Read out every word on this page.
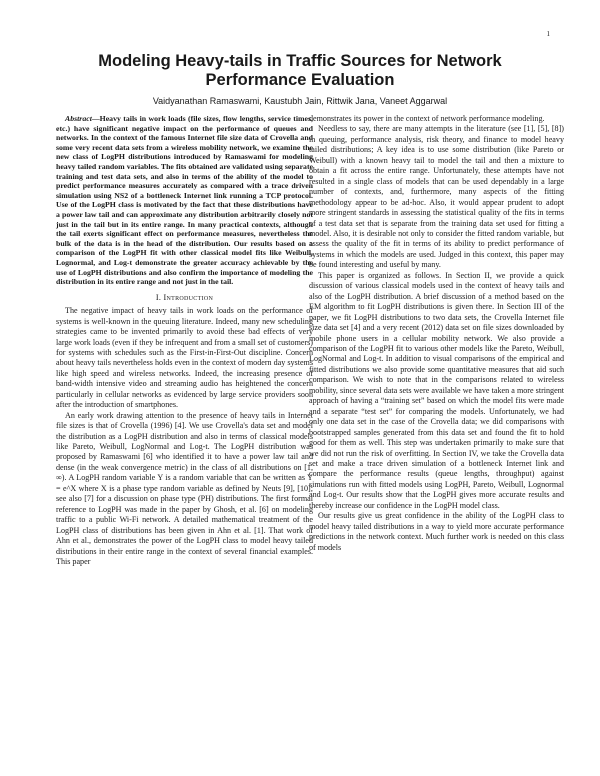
1
Modeling Heavy-tails in Traffic Sources for Network Performance Evaluation
Vaidyanathan Ramaswami, Kaustubh Jain, Rittwik Jana, Vaneet Aggarwal

Abstract—Heavy tails in work loads (file sizes, flow lengths, service times, etc.) have significant negative impact on the performance of queues and networks. In the context of the famous Internet file size data of Crovella and some very recent data sets from a wireless mobility network, we examine the new class of LogPH distributions introduced by Ramaswami for modeling heavy tailed random variables. The fits obtained are validated using separate training and test data sets, and also in terms of the ability of the model to predict performance measures accurately as compared with a trace driven simulation using NS2 of a bottleneck Internet link running a TCP protocol. Use of the LogPH class is motivated by the fact that these distributions have a power law tail and can approximate any distribution arbitrarily closely not just in the tail but in its entire range. In many practical contexts, although the tail exerts significant effect on performance measures, nevertheless the bulk of the data is in the head of the distribution. Our results based on a comparison of the LogPH fit with other classical model fits like Weibull, Lognormal, and Log-t demonstrate the greater accuracy achievable by the use of LogPH distributions and also confirm the importance of modeling the distribution in its entire range and not just in the tail.

I. Introduction

The negative impact of heavy tails in work loads on the performance of systems is well-known in the queuing literature. Indeed, many new scheduling strategies came to be invented primarily to avoid these bad effects of very large work loads (even if they be infrequent and from a small set of customers) for systems with schedules such as the First-in-First-Out discipline. Concern about heavy tails nevertheless holds even in the context of modern day systems like high speed and wireless networks. Indeed, the increasing presence of band-width intensive video and streaming audio has heightened the concern particularly in cellular networks as evidenced by large service providers soon after the introduction of smartphones.

An early work drawing attention to the presence of heavy tails in Internet file sizes is that of Crovella (1996) [4]. We use Crovella's data set and model the distribution as a LogPH distribution and also in terms of classical models like Pareto, Weibull, LogNormal and Log-t. The LogPH distribution was proposed by Ramaswami [6] who identified it to have a power law tail and dense (in the weak convergence metric) in the class of all distributions on [1, ∞). A LogPH random variable Y is a random variable that can be written as Y = e^X where X is a phase type random variable as defined by Neuts [9], [10]; see also [7] for a discussion on phase type (PH) distributions. The first formal reference to LogPH was made in the paper by Ghosh, et al. [6] on modeling traffic to a public Wi-Fi network. A detailed mathematical treatment of the LogPH class of distributions has been given in Ahn et al. [1]. That work of Ahn et al., demonstrates the power of the LogPH class to model heavy tailed distributions in their entire range in the context of several financial examples. This paper

demonstrates its power in the context of network performance modeling.

Needless to say, there are many attempts in the literature (see [1], [5], [8]) in queuing, performance analysis, risk theory, and finance to model heavy tailed distributions; A key idea is to use some distribution (like Pareto or Weibull) with a known heavy tail to model the tail and then a mixture to obtain a fit across the entire range. Unfortunately, these attempts have not resulted in a single class of models that can be used dependably in a large number of contexts, and, furthermore, many aspects of the fitting methodology appear to be ad-hoc. Also, it would appear prudent to adopt more stringent standards in assessing the statistical quality of the fits in terms of a test data set that is separate from the training data set used for fitting a model. Also, it is desirable not only to consider the fitted random variable, but assess the quality of the fit in terms of its ability to predict performance of systems in which the models are used. Judged in this context, this paper may be found interesting and useful by many.

This paper is organized as follows. In Section II, we provide a quick discussion of various classical models used in the context of heavy tails and also of the LogPH distribution. A brief discussion of a method based on the EM algorithm to fit LogPH distributions is given there. In Section III of the paper, we fit LogPH distributions to two data sets, the Crovella Internet file size data set [4] and a very recent (2012) data set on file sizes downloaded by mobile phone users in a cellular mobility network. We also provide a comparison of the LogPH fit to various other models like the Pareto, Weibull, LogNormal and Log-t. In addition to visual comparisons of the empirical and fitted distributions we also provide some quantitative measures that aid such comparison. We wish to note that in the comparisons related to wireless mobility, since several data sets were available we have taken a more stringent approach of having a “training set” based on which the model fits were made and a separate “test set” for comparing the models. Unfortunately, we had only one data set in the case of the Crovella data; we did comparisons with bootstrapped samples generated from this data set and found the fit to hold good for them as well. This step was undertaken primarily to make sure that we did not run the risk of overfitting. In Section IV, we take the Crovella data set and make a trace driven simulation of a bottleneck Internet link and compare the performance results (queue lengths, throughput) against simulations run with fitted models using LogPH, Pareto, Weibull, Lognormal and Log-t. Our results show that the LogPH gives more accurate results and thereby increase our confidence in the LogPH model class.

Our results give us great confidence in the ability of the LogPH class to model heavy tailed distributions in a way to yield more accurate performance predictions in the network context. Much further work is needed on this class of models
